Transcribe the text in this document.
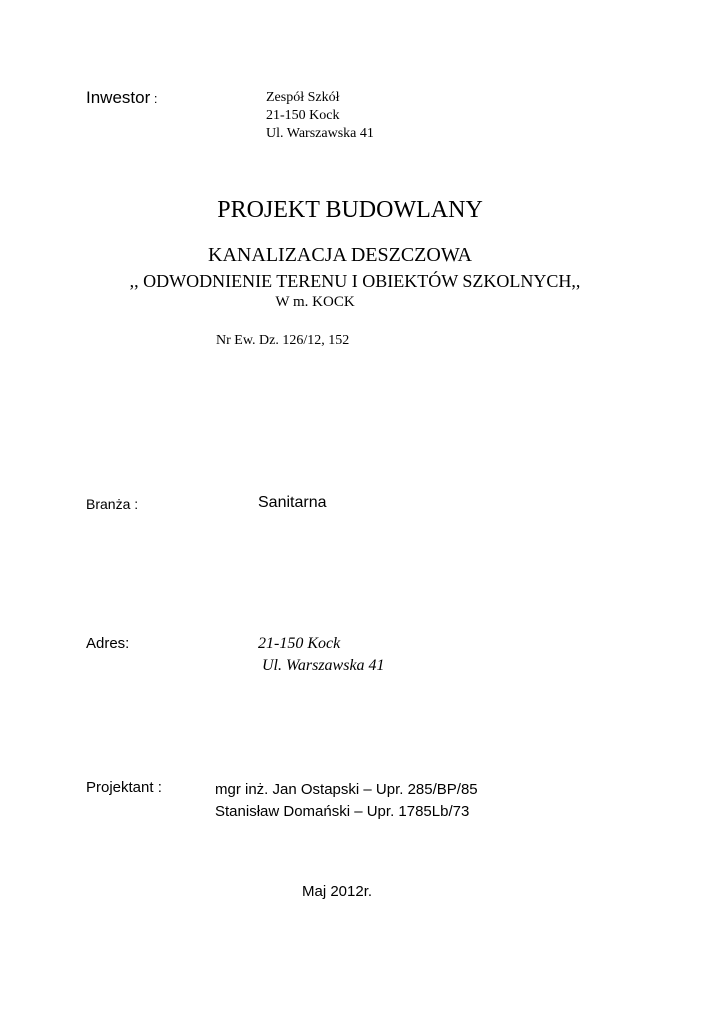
Inwestor :	Zespół Szkół
21-150 Kock
Ul. Warszawska 41
PROJEKT BUDOWLANY
KANALIZACJA DESZCZOWA
,, ODWODNIENIE TERENU I OBIEKTÓW SZKOLNYCH,,
W m. KOCK
Nr Ew. Dz. 126/12, 152
Branża :	Sanitarna
Adres:	21-150 Kock
Ul. Warszawska 41
Projektant :	mgr inż. Jan Ostapski – Upr. 285/BP/85
Stanisław Domański – Upr. 1785Lb/73
Maj 2012r.
